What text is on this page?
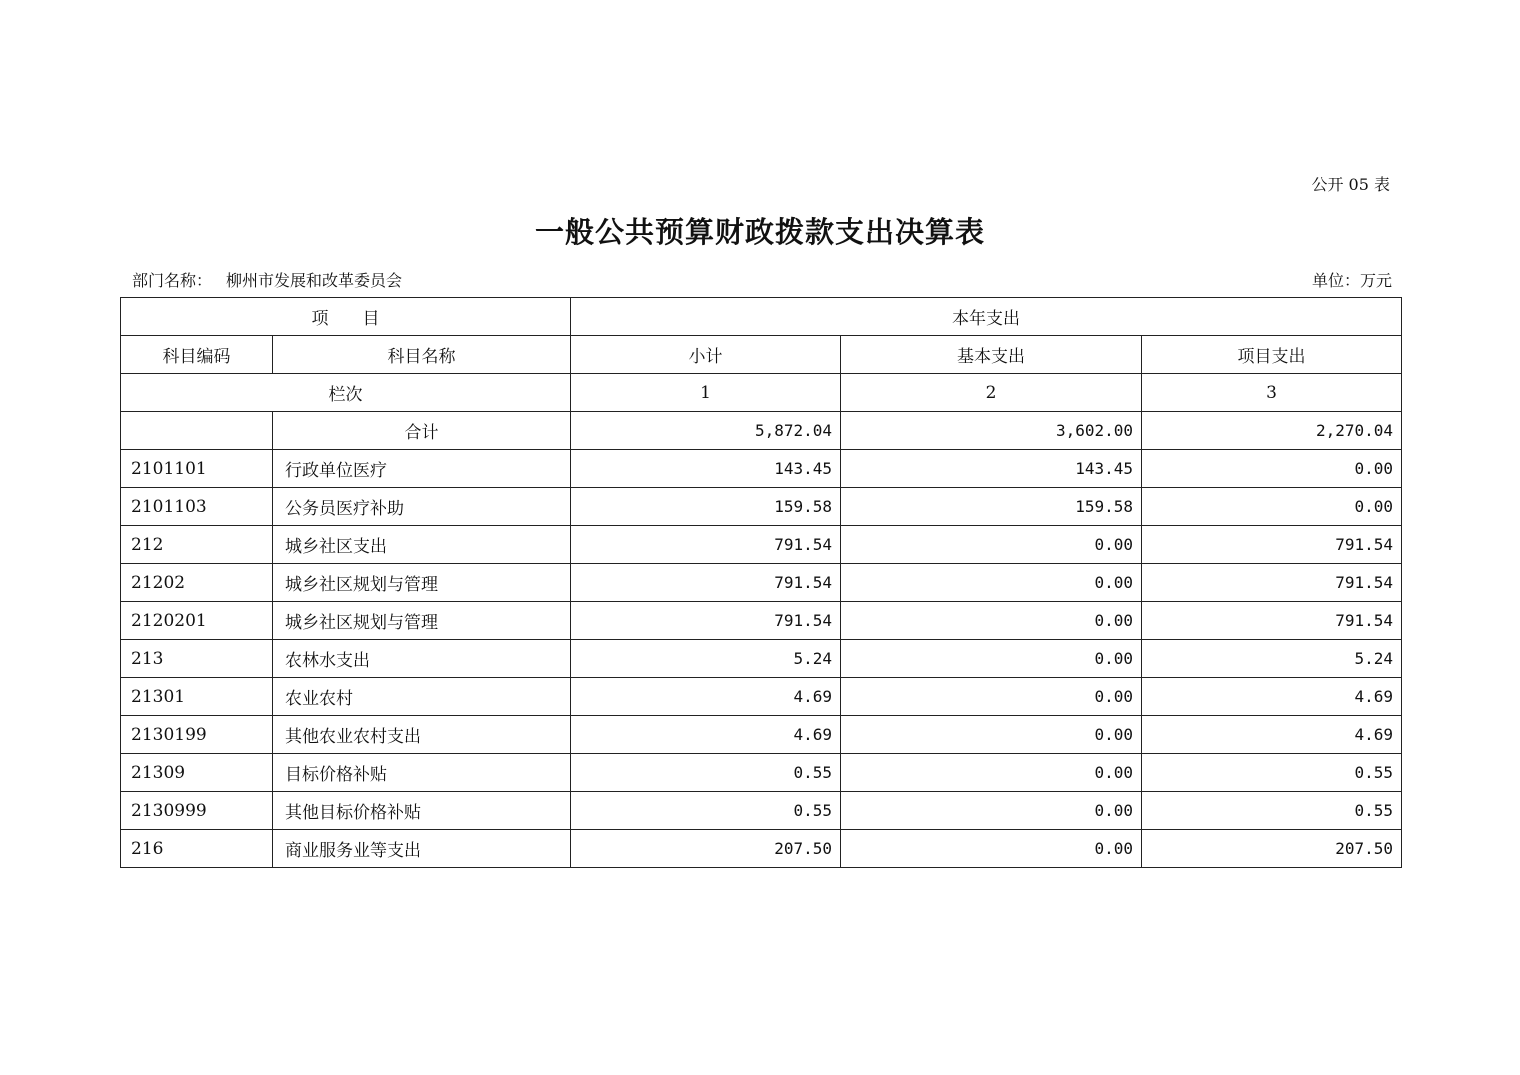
公开 05 表
一般公共预算财政拨款支出决算表
部门名称： 柳州市发展和改革委员会	单位：万元
项　　目		本年支出		
科目编码	科目名称	小计	基本支出	项目支出
栏次		1	2	3
	合计	5,872.04	3,602.00	2,270.04
2101101	行政单位医疗	143.45	143.45	0.00
2101103	公务员医疗补助	159.58	159.58	0.00
212	城乡社区支出	791.54	0.00	791.54
21202	城乡社区规划与管理	791.54	0.00	791.54
2120201	城乡社区规划与管理	791.54	0.00	791.54
213	农林水支出	5.24	0.00	5.24
21301	农业农村	4.69	0.00	4.69
2130199	其他农业农村支出	4.69	0.00	4.69
21309	目标价格补贴	0.55	0.00	0.55
2130999	其他目标价格补贴	0.55	0.00	0.55
216	商业服务业等支出	207.50	0.00	207.50
